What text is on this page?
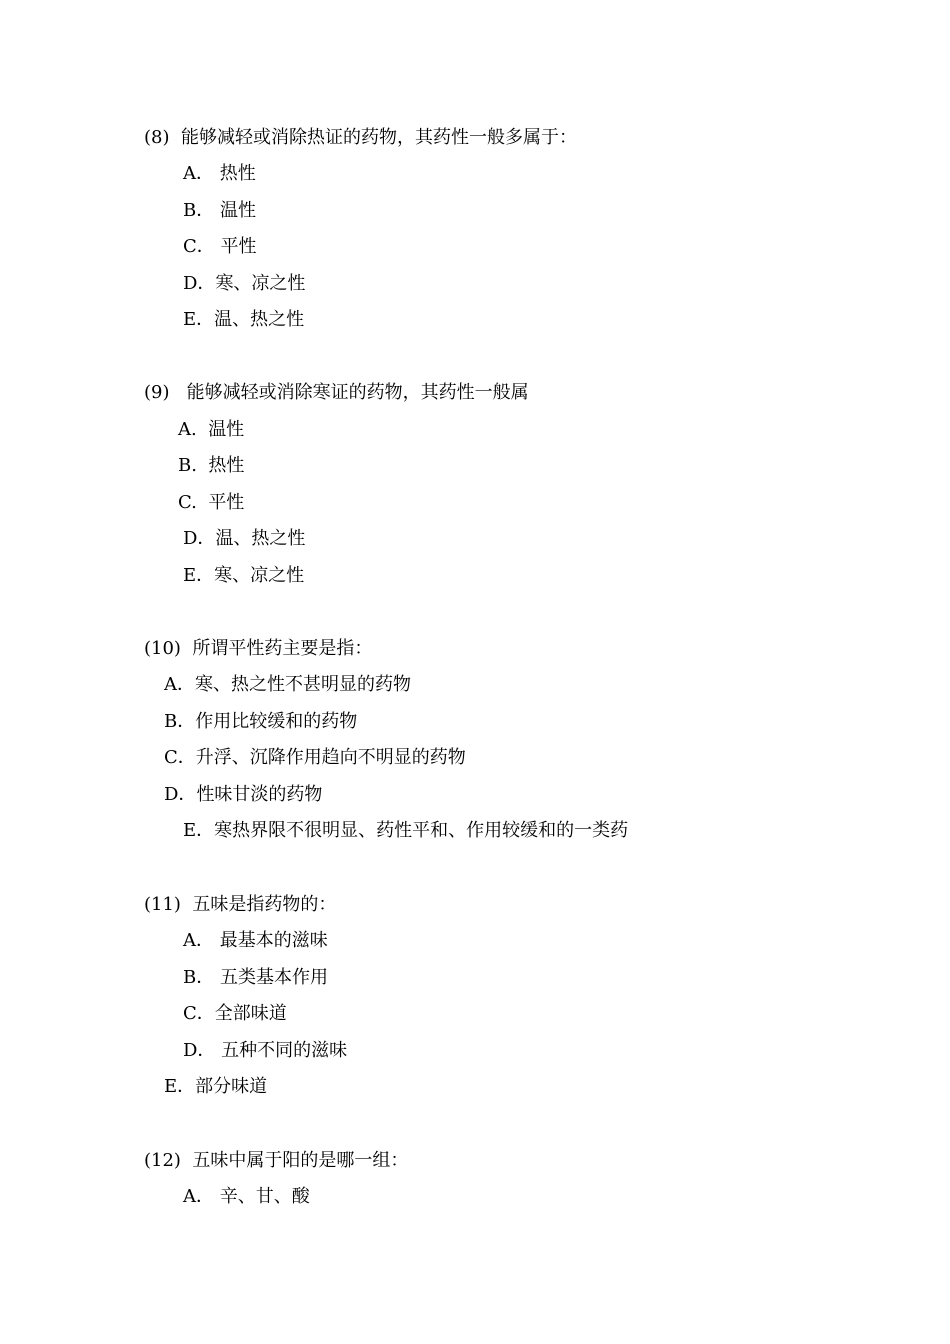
(8) 能够减轻或消除热证的药物，其药性一般多属于：
A． 热性
B． 温性
C． 平性
D．寒、凉之性
E．温、热之性
(9) 能够减轻或消除寒证的药物，其药性一般属
A. 温性
B. 热性
C. 平性
D．温、热之性
E．寒、凉之性
(10) 所谓平性药主要是指：
A．寒、热之性不甚明显的药物
B．作用比较缓和的药物
C．升浮、沉降作用趋向不明显的药物
D．性味甘淡的药物
E．寒热界限不很明显、药性平和、作用较缓和的一类药
(11) 五味是指药物的：
A． 最基本的滋味
B． 五类基本作用
C．全部味道
D． 五种不同的滋味
E．部分味道
(12) 五味中属于阳的是哪一组：
A． 辛、甘、酸
